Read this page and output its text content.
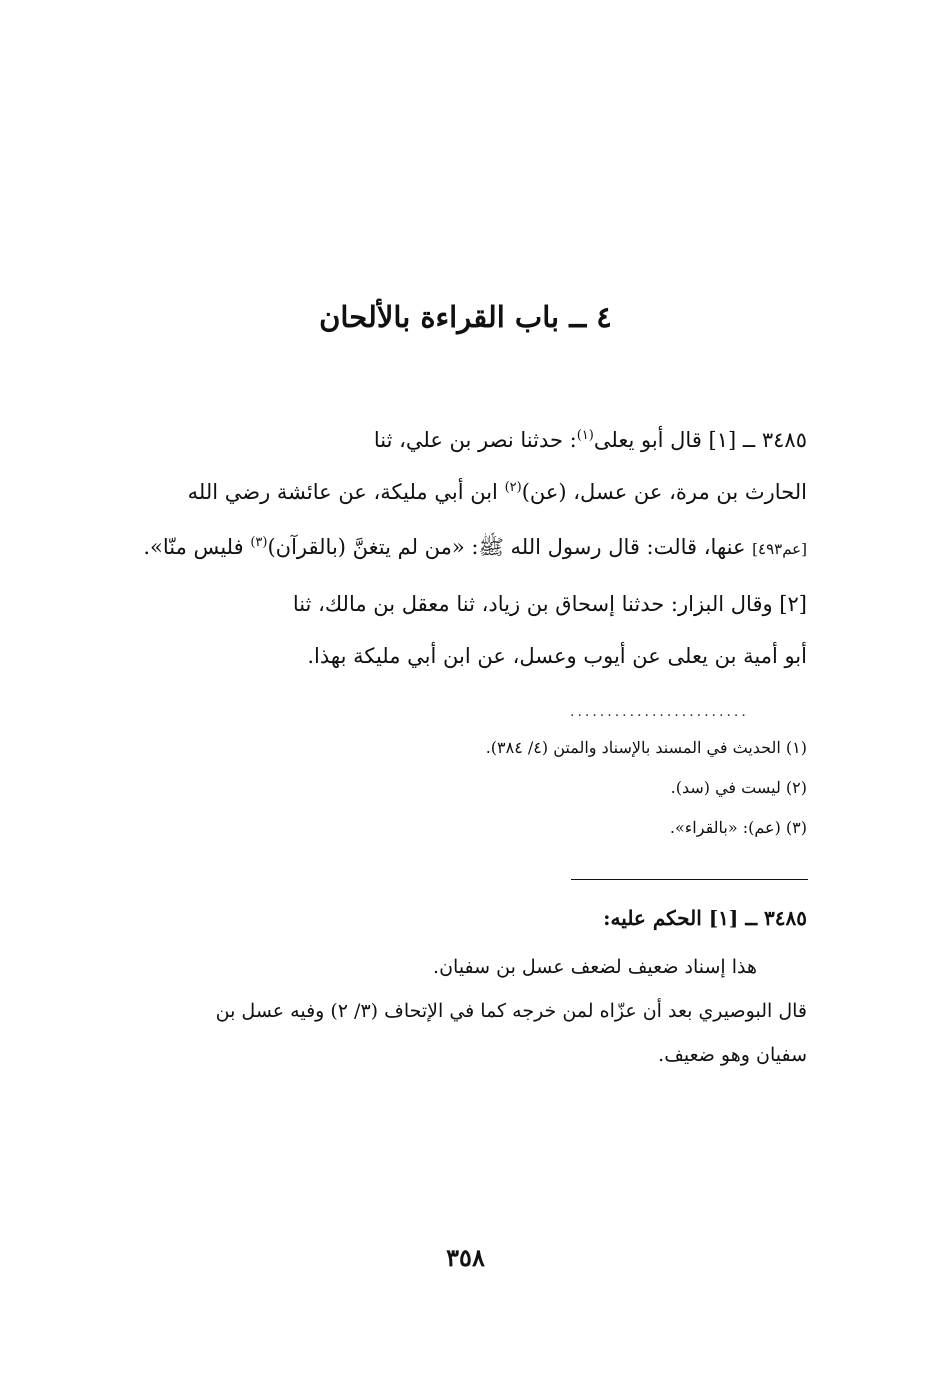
٤ ــ باب القراءة بالألحان
٣٤٨٥ ــ [١] قال أبو يعلى$^{(١)}$: حدثنا نصر بن علي، ثنا
الحارث بن مرة، عن عسل، (عن)$^{(٢)}$ ابن أبي مليكة، عن عائشة رضي الله
[عم٤٩٣] عنها، قالت: قال رسول الله ﷺ: «من لم يتغنَّ (بالقرآن)$^{(٣)}$ فليس منّا».
[٢] وقال البزار: حدثنا إسحاق بن زياد، ثنا معقل بن مالك، ثنا
أبو أمية بن يعلى عن أيوب وعسل، عن ابن أبي مليكة بهذا.
........................
(١) الحديث في المسند بالإسناد والمتن (٤/ ٣٨٤).
(٢) ليست في (سد).
(٣) (عم): «بالقراء».
٣٤٨٥ ــ [١] الحكم عليه:
هذا إسناد ضعيف لضعف عسل بن سفيان.
قال البوصيري بعد أن عزّاه لمن خرجه كما في الإتحاف (٣/ ٢) وفيه عسل بن
سفيان وهو ضعيف.
٣٥٨
